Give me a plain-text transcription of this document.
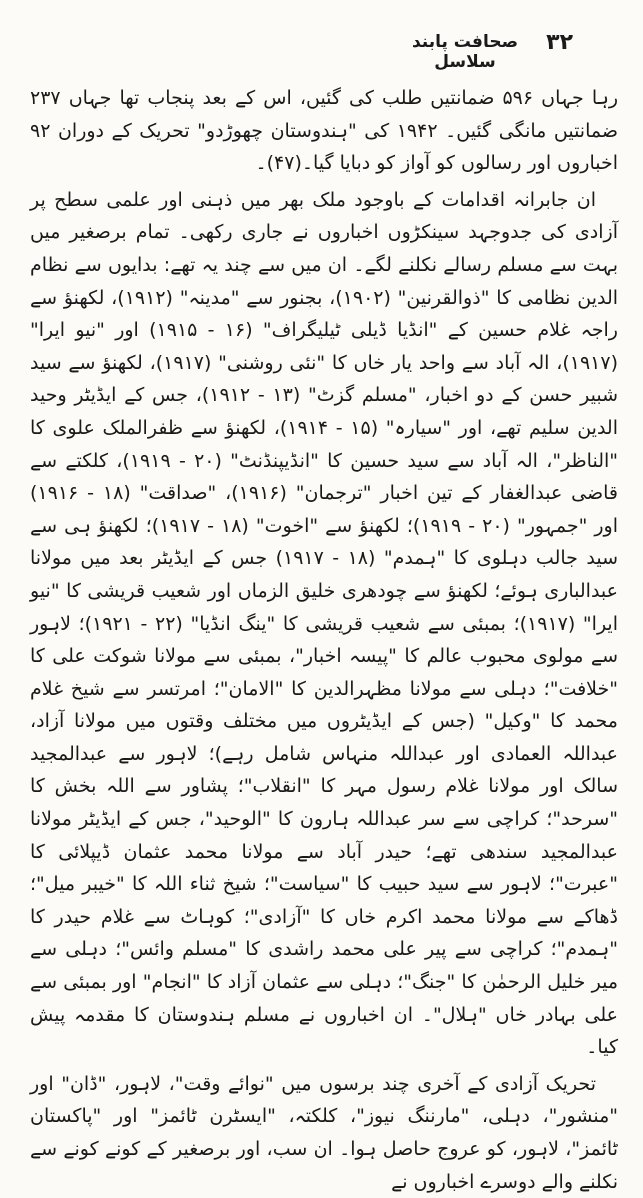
۳۲
صحافت پابند سلاسل

رہا جہاں ۵۹۶ ضمانتیں طلب کی گئیں، اس کے بعد پنجاب تھا جہاں ۲۳۷ ضمانتیں مانگی گئیں۔ ۱۹۴۲ کی "ہندوستان چھوڑدو" تحریک کے دوران ۹۲ اخباروں اور رسالوں کو آواز کو دبایا گیا۔(۴۷)۔

ان جابرانہ اقدامات کے باوجود ملک بھر میں ذہنی اور علمی سطح پر آزادی کی جدوجہد سینکڑوں اخباروں نے جاری رکھی۔ تمام برصغیر میں بہت سے مسلم رسالے نکلنے لگے۔ ان میں سے چند یہ تھے: بدایوں سے نظام الدین نظامی کا "ذوالقرنین" (۱۹۰۲)، بجنور سے "مدینہ" (۱۹۱۲)، لکھنؤ سے راجہ غلام حسین کے "انڈیا ڈیلی ٹیلیگراف" (۱۶ - ۱۹۱۵) اور "نیو ایرا" (۱۹۱۷)، الہ آباد سے واحد یار خاں کا "نئی روشنی" (۱۹۱۷)، لکھنؤ سے سید شبیر حسن کے دو اخبار، "مسلم گزٹ" (۱۳ - ۱۹۱۲)، جس کے ایڈیٹر وحید الدین سلیم تھے، اور "سیارہ" (۱۵ - ۱۹۱۴)، لکھنؤ سے ظفرالملک علوی کا "الناظر"، الہ آباد سے سید حسین کا "انڈیپنڈنٹ" (۲۰ - ۱۹۱۹)، کلکتے سے قاضی عبدالغفار کے تین اخبار "ترجمان" (۱۹۱۶)، "صداقت" (۱۸ - ۱۹۱۶) اور "جمہور" (۲۰ - ۱۹۱۹)؛ لکھنؤ سے "اخوت" (۱۸ - ۱۹۱۷)؛ لکھنؤ ہی سے سید جالب دہلوی کا "ہمدم" (۱۸ - ۱۹۱۷) جس کے ایڈیٹر بعد میں مولانا عبدالباری ہوئے؛ لکھنؤ سے چودھری خلیق الزماں اور شعیب قریشی کا "نیو ایرا" (۱۹۱۷)؛ بمبئی سے شعیب قریشی کا "ینگ انڈیا" (۲۲ - ۱۹۲۱)؛ لاہور سے مولوی محبوب عالم کا "پیسہ اخبار"، بمبئی سے مولانا شوکت علی کا "خلافت"؛ دہلی سے مولانا مظہرالدین کا "الامان"؛ امرتسر سے شیخ غلام محمد کا "وکیل" (جس کے ایڈیٹروں میں مختلف وقتوں میں مولانا آزاد، عبداللہ العمادی اور عبداللہ منہاس شامل رہے)؛ لاہور سے عبدالمجید سالک اور مولانا غلام رسول مہر کا "انقلاب"؛ پشاور سے اللہ بخش کا "سرحد"؛ کراچی سے سر عبداللہ ہارون کا "الوحید"، جس کے ایڈیٹر مولانا عبدالمجید سندھی تھے؛ حیدر آباد سے مولانا محمد عثمان ڈیپلائی کا "عبرت"؛ لاہور سے سید حبیب کا "سیاست"؛ شیخ ثناء اللہ کا "خیبر میل"؛ ڈھاکے سے مولانا محمد اکرم خاں کا "آزادی"؛ کوہاٹ سے غلام حیدر کا "ہمدم"؛ کراچی سے پیر علی محمد راشدی کا "مسلم وائس"؛ دہلی سے میر خلیل الرحمٰن کا "جنگ"؛ دہلی سے عثمان آزاد کا "انجام" اور بمبئی سے علی بہادر خاں "ہلال"۔ ان اخباروں نے مسلم ہندوستان کا مقدمہ پیش کیا۔

تحریک آزادی کے آخری چند برسوں میں "نوائے وقت"، لاہور، "ڈان" اور "منشور"، دہلی، "مارننگ نیوز"، کلکتہ، "ایسٹرن ٹائمز" اور "پاکستان ٹائمز"، لاہور، کو عروج حاصل ہوا۔ ان سب، اور برصغیر کے کونے کونے سے نکلنے والے دوسرے اخباروں نے
